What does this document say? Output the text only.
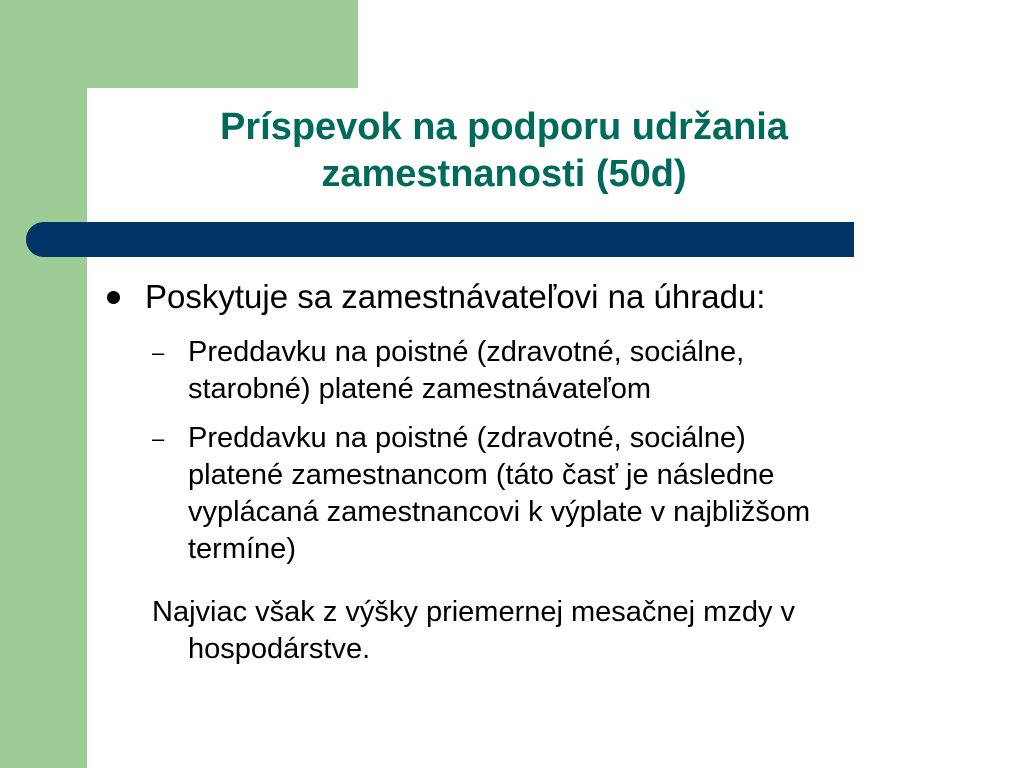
Príspevok na podporu udržania
zamestnanosti (50d)
Poskytuje sa zamestnávateľovi na úhradu:
– Preddavku na poistné (zdravotné, sociálne,
starobné) platené zamestnávateľom
– Preddavku na poistné (zdravotné, sociálne)
platené zamestnancom (táto časť je následne
vyplácaná zamestnancovi k výplate v najbližšom
termíne)
Najviac však z výšky priemernej mesačnej mzdy v
hospodárstve.
